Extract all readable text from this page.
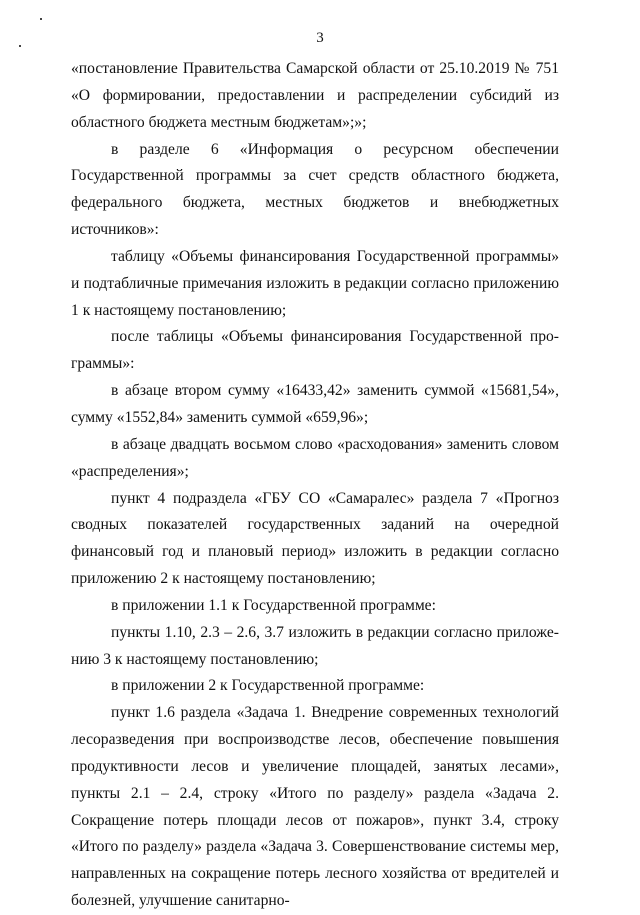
3

«постановление Правительства Самарской области от 25.10.2019 № 751 «О формировании, предоставлении и распределении субсидий из областного бюджета местным бюджетам»;»;

в разделе 6 «Информация о ресурсном обеспечении Государственной программы за счет средств областного бюджета, федерального бюджета, местных бюджетов и внебюджетных источников»:

таблицу «Объемы финансирования Государственной программы» и подтабличные примечания изложить в редакции согласно приложению 1 к настоящему постановлению;

после таблицы «Объемы финансирования Государственной программы»:

в абзаце втором сумму «16433,42» заменить суммой «15681,54», сумму «1552,84» заменить суммой «659,96»;

в абзаце двадцать восьмом слово «расходования» заменить словом «распределения»;

пункт 4 подраздела «ГБУ СО «Самаралес» раздела 7 «Прогноз сводных показателей государственных заданий на очередной финансовый год и плановый период» изложить в редакции согласно приложению 2 к настоящему постановлению;

в приложении 1.1 к Государственной программе:

пункты 1.10, 2.3 – 2.6, 3.7 изложить в редакции согласно приложению 3 к настоящему постановлению;

в приложении 2 к Государственной программе:

пункт 1.6 раздела «Задача 1. Внедрение современных технологий лесоразведения при воспроизводстве лесов, обеспечение повышения продуктивности лесов и увеличение площадей, занятых лесами», пункты 2.1 – 2.4, строку «Итого по разделу» раздела «Задача 2. Сокращение потерь площади лесов от пожаров», пункт 3.4, строку «Итого по разделу» раздела «Задача 3. Совершенствование системы мер, направленных на сокращение потерь лесного хозяйства от вредителей и болезней, улучшение санитарно-
